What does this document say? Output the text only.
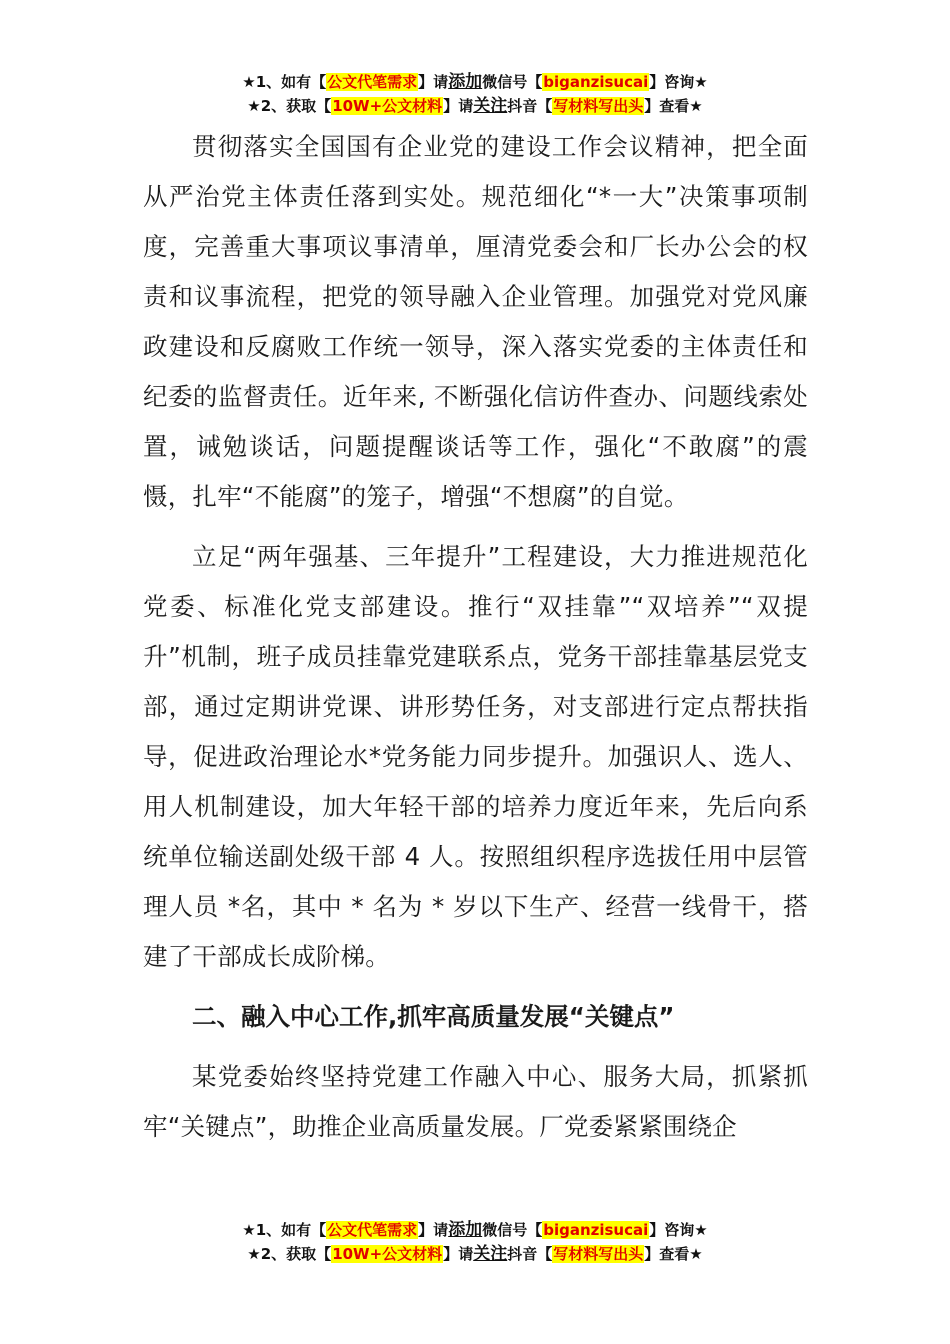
★1、如有【公文代笔需求】请添加微信号【biganzisucai】咨询★
★2、获取【10W+公文材料】请关注抖音【写材料写出头】查看★

贯彻落实全国国有企业党的建设工作会议精神，把全面从严治党主体责任落到实处。规范细化“*一大”决策事项制度，完善重大事项议事清单，厘清党委会和厂长办公会的权责和议事流程，把党的领导融入企业管理。加强党对党风廉政建设和反腐败工作统一领导，深入落实党委的主体责任和纪委的监督责任。近年来, 不断强化信访件查办、问题线索处置，诫勉谈话，问题提醒谈话等工作，强化“不敢腐”的震慑，扎牢“不能腐”的笼子，增强“不想腐”的自觉。

立足“两年强基、三年提升”工程建设，大力推进规范化党委、标准化党支部建设。推行“双挂靠”“双培养”“双提升”机制，班子成员挂靠党建联系点，党务干部挂靠基层党支部，通过定期讲党课、讲形势任务，对支部进行定点帮扶指导，促进政治理论水*党务能力同步提升。加强识人、选人、用人机制建设，加大年轻干部的培养力度近年来，先后向系统单位输送副处级干部 4 人。按照组织程序选拔任用中层管理人员 *名，其中 * 名为 * 岁以下生产、经营一线骨干，搭建了干部成长成阶梯。

二、融入中心工作,抓牢高质量发展“关键点”

某党委始终坚持党建工作融入中心、服务大局，抓紧抓牢“关键点”，助推企业高质量发展。厂党委紧紧围绕企

★1、如有【公文代笔需求】请添加微信号【biganzisucai】咨询★
★2、获取【10W+公文材料】请关注抖音【写材料写出头】查看★
